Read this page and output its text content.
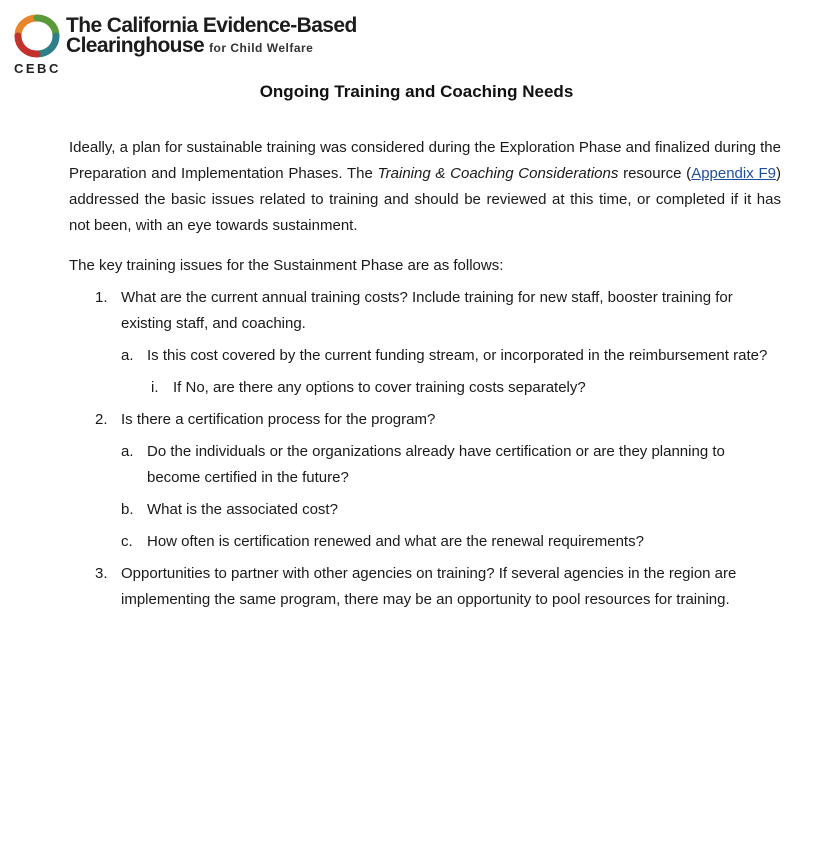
The California Evidence-Based
Clearinghouse for Child Welfare
CEBC
Ongoing Training and Coaching Needs

Ideally, a plan for sustainable training was considered during the Exploration Phase and finalized during the Preparation and Implementation Phases. The Training & Coaching Considerations resource (Appendix F9) addressed the basic issues related to training and should be reviewed at this time, or completed if it has not been, with an eye towards sustainment.

The key training issues for the Sustainment Phase are as follows:

1. What are the current annual training costs? Include training for new staff, booster training for existing staff, and coaching.
a. Is this cost covered by the current funding stream, or incorporated in the reimbursement rate?
i. If No, are there any options to cover training costs separately?
2. Is there a certification process for the program?
a. Do the individuals or the organizations already have certification or are they planning to become certified in the future?
b. What is the associated cost?
c. How often is certification renewed and what are the renewal requirements?
3. Opportunities to partner with other agencies on training? If several agencies in the region are implementing the same program, there may be an opportunity to pool resources for training.
